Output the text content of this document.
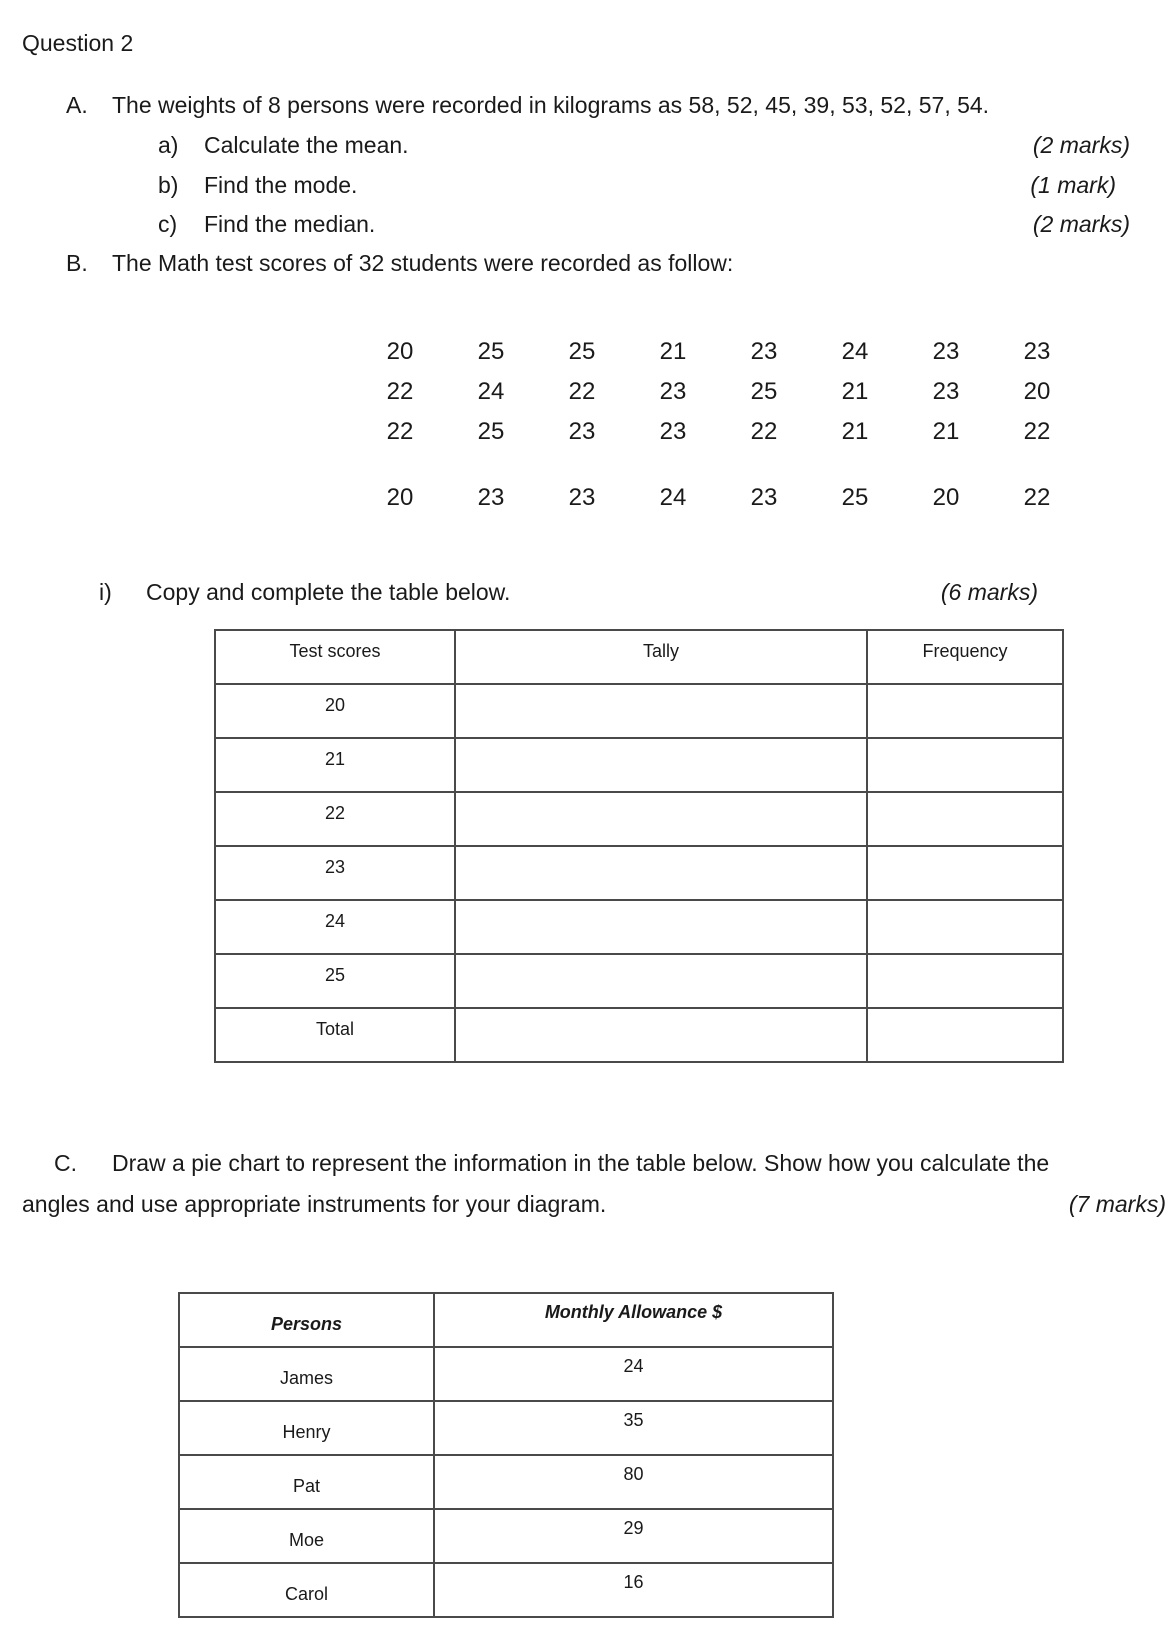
Question 2
A. The weights of 8 persons were recorded in kilograms as 58, 52, 45, 39, 53, 52, 57, 54.
a) Calculate the mean.	(2 marks)
b) Find the mode.	(1 mark)
c) Find the median.	(2 marks)
B. The Math test scores of 32 students were recorded as follow:
20	25	25	21	23	24	23	23
22	24	22	23	25	21	23	20
22	25	23	23	22	21	21	22
20	23	23	24	23	25	20	22
i) Copy and complete the table below.	(6 marks)
Test scores	Tally	Frequency

20		

21		

22		

23		

24		

25		

Total		

C. Draw a pie chart to represent the information in the table below. Show how you calculate the
angles and use appropriate instruments for your diagram.	(7 marks)
Persons	Monthly Allowance $

James	24

Henry	35

Pat	80

Moe	29

Carol	16
